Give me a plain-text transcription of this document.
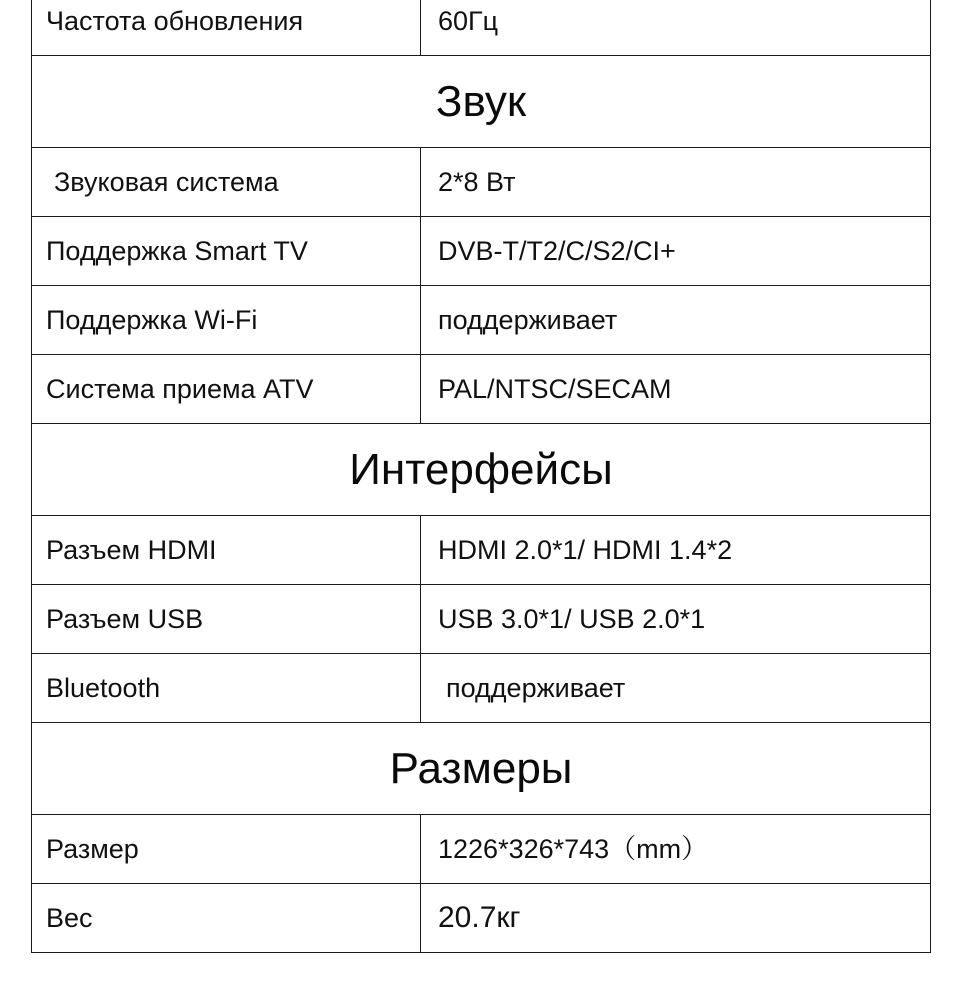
Частота обновления	60Гц
Звук	
Звуковая система	2*8 Вт
Поддержка Smart TV	DVB-T/T2/C/S2/CI+
Поддержка Wi-Fi	поддерживает
Система приема ATV	PAL/NTSC/SECAM
Интерфейсы	
Разъем HDMI	HDMI 2.0*1/ HDMI 1.4*2
Разъем USB	USB 3.0*1/ USB 2.0*1
Bluetooth	поддерживает
Размеры	
Размер	1226*326*743（mm）
Вес	20.7кг
